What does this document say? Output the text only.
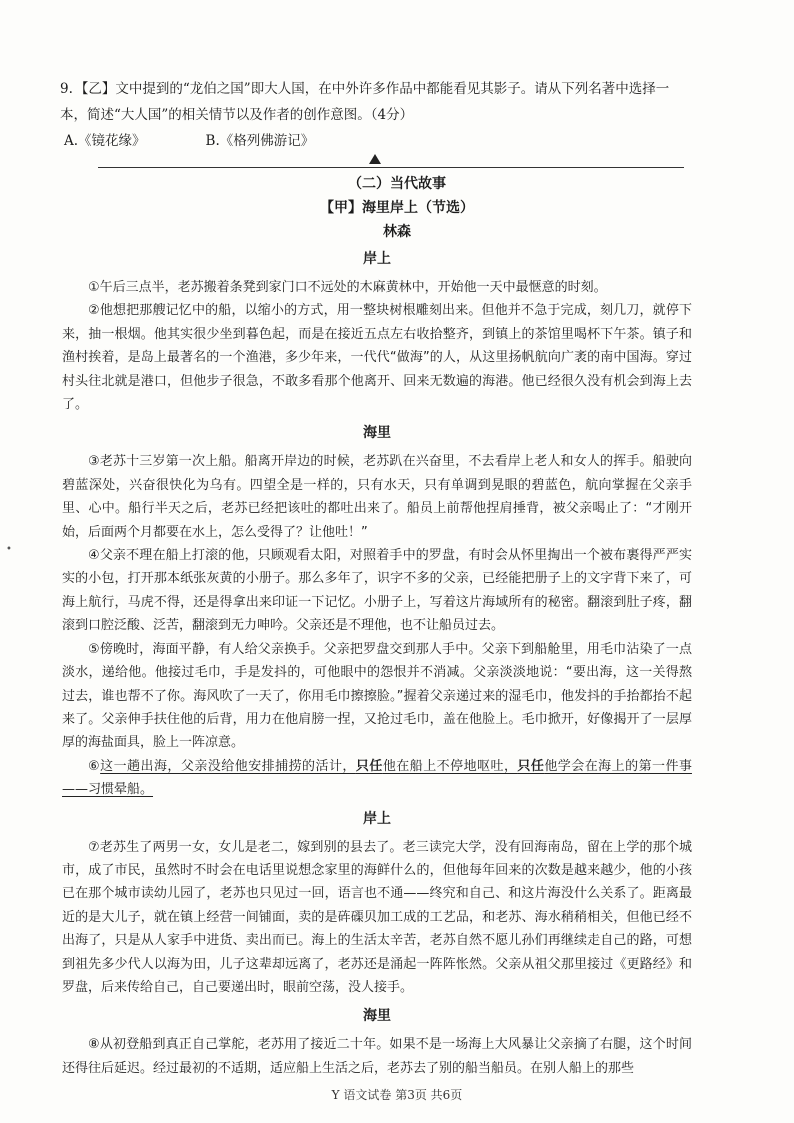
9. 【乙】文中提到的“龙伯之国”即大人国，在中外许多作品中都能看见其影子。请从下列名著中选择一本，简述“大人国”的相关情节以及作者的创作意图。（4分）

A.《镜花缘》	B.《格列佛游记》
（二）当代故事
【甲】海里岸上（节选）
林森
岸上

①午后三点半，老苏搬着条凳到家门口不远处的木麻黄林中，开始他一天中最惬意的时刻。

②他想把那艘记忆中的船，以缩小的方式，用一整块树根雕刻出来。但他并不急于完成，刻几刀，就停下来，抽一根烟。他其实很少坐到暮色起，而是在接近五点左右收拾整齐，到镇上的茶馆里喝杯下午茶。镇子和渔村挨着，是岛上最著名的一个渔港，多少年来，一代代“做海”的人，从这里扬帆航向广袤的南中国海。穿过村头往北就是港口，但他步子很急，不敢多看那个他离开、回来无数遍的海港。他已经很久没有机会到海上去了。

海里

③老苏十三岁第一次上船。船离开岸边的时候，老苏趴在兴奋里，不去看岸上老人和女人的挥手。船驶向碧蓝深处，兴奋很快化为乌有。四望全是一样的，只有水天，只有单调到晃眼的碧蓝色，航向掌握在父亲手里、心中。船行半天之后，老苏已经把该吐的都吐出来了。船员上前帮他捏肩捶背，被父亲喝止了：“才刚开始，后面两个月都要在水上，怎么受得了？让他吐！”

④父亲不理在船上打滚的他，只顾观看太阳，对照着手中的罗盘，有时会从怀里掏出一个被布裹得严严实实的小包，打开那本纸张灰黄的小册子。那么多年了，识字不多的父亲，已经能把册子上的文字背下来了，可海上航行，马虎不得，还是得拿出来印证一下记忆。小册子上，写着这片海域所有的秘密。翻滚到肚子疼，翻滚到口腔泛酸、泛苦，翻滚到无力呻吟。父亲还是不理他，也不让船员过去。

⑤傍晚时，海面平静，有人给父亲换手。父亲把罗盘交到那人手中。父亲下到船舱里，用毛巾沾染了一点淡水，递给他。他接过毛巾，手是发抖的，可他眼中的怨恨并不消减。父亲淡淡地说：“要出海，这一关得熬过去，谁也帮不了你。海风吹了一天了，你用毛巾擦擦脸。”握着父亲递过来的湿毛巾，他发抖的手抬都抬不起来了。父亲伸手扶住他的后背，用力在他肩膀一捏，又抢过毛巾，盖在他脸上。毛巾掀开，好像揭开了一层厚厚的海盐面具，脸上一阵凉意。

⑥这一趟出海，父亲没给他安排捕捞的活计，只任他在船上不停地呕吐，只任他学会在海上的第一件事——习惯晕船。

岸上

⑦老苏生了两男一女，女儿是老二，嫁到别的县去了。老三读完大学，没有回海南岛，留在上学的那个城市，成了市民，虽然时不时会在电话里说想念家里的海鲜什么的，但他每年回来的次数是越来越少，他的小孩已在那个城市读幼儿园了，老苏也只见过一回，语言也不通——终究和自己、和这片海没什么关系了。距离最近的是大儿子，就在镇上经营一间铺面，卖的是砗磲贝加工成的工艺品，和老苏、海水稍稍相关，但他已经不出海了，只是从人家手中进货、卖出而已。海上的生活太辛苦，老苏自然不愿儿孙们再继续走自己的路，可想到祖先多少代人以海为田，儿子这辈却远离了，老苏还是涌起一阵阵怅然。父亲从祖父那里接过《更路经》和罗盘，后来传给自己，自己要递出时，眼前空荡，没人接手。

海里

⑧从初登船到真正自己掌舵，老苏用了接近二十年。如果不是一场海上大风暴让父亲摘了右腿，这个时间还得往后延迟。经过最初的不适期，适应船上生活之后，老苏去了别的船当船员。在别人船上的那些

•
Y 语文试卷 第3页 共6页
